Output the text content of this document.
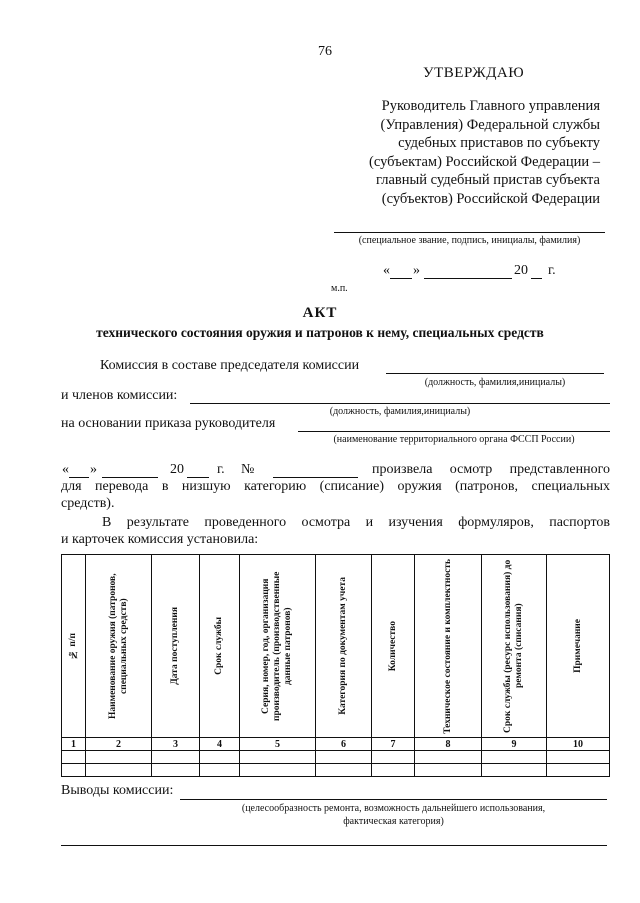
76
УТВЕРЖДАЮ
Руководитель Главного управления
(Управления) Федеральной службы
судебных приставов по субъекту
(субъектам) Российской Федерации –
главный судебный пристав субъекта
(субъектов) Российской Федерации
(специальное звание, подпись, инициалы, фамилия)
« »	20 г.
м.п.
АКТ
технического состояния оружия и патронов к нему, специальных средств
Комиссия в составе председателя комиссии
(должность, фамилия,инициалы)
и членов комиссии:
(должность, фамилия,инициалы)
на основании приказа руководителя
(наименование территориального органа ФССП России)
« »	20 г. №	произвела осмотр представленного
для перевода в низшую категорию (списание) оружия (патронов, специальных
средств).
В результате проведенного осмотра и изучения формуляров, паспортов
и карточек комиссия установила:
№ п/п	Наименование оружия (патронов, специальных средств)	Дата поступления	Срок службы	Серия, номер, год, организация производитель (производственные данные патронов)	Категория по документам учета	Количество	Техническое состояние и комплектность	Срок службы (ресурс использования) до ремонта (списания)	Примечание

1	2	3	4	5	6	7	8	9	10

Выводы комиссии:
(целесообразность ремонта, возможность дальнейшего использования,
фактическая категория)
